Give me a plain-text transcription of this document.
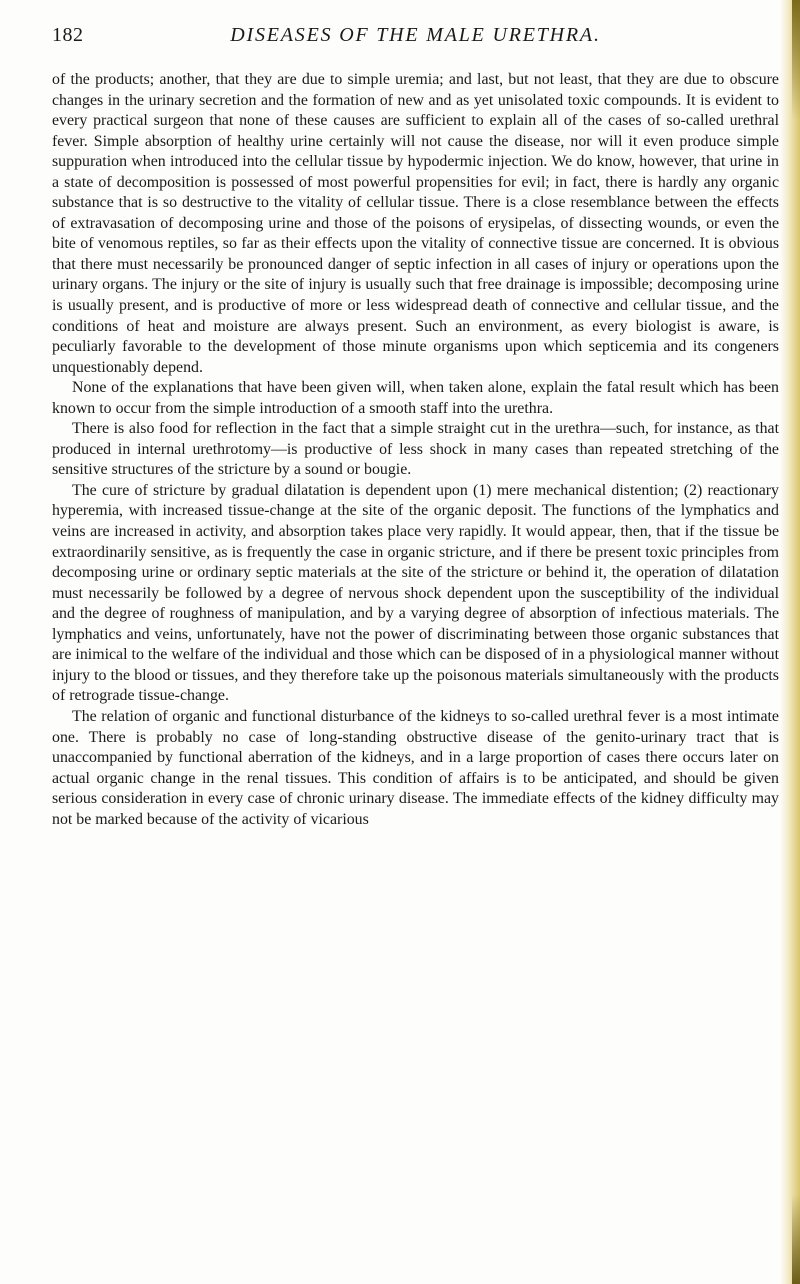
182	DISEASES OF THE MALE URETHRA.

of the products; another, that they are due to simple uremia; and last, but not least, that they are due to obscure changes in the urinary secretion and the formation of new and as yet unisolated toxic compounds. It is evident to every practical surgeon that none of these causes are sufficient to explain all of the cases of so-called urethral fever. Simple absorption of healthy urine certainly will not cause the disease, nor will it even produce simple suppuration when introduced into the cellular tissue by hypodermic injection. We do know, however, that urine in a state of decomposition is possessed of most powerful propensities for evil; in fact, there is hardly any organic substance that is so destructive to the vitality of cellular tissue. There is a close resemblance between the effects of extravasation of decomposing urine and those of the poisons of erysipelas, of dissecting wounds, or even the bite of venomous reptiles, so far as their effects upon the vitality of connective tissue are concerned. It is obvious that there must necessarily be pronounced danger of septic infection in all cases of injury or operations upon the urinary organs. The injury or the site of injury is usually such that free drainage is impossible; decomposing urine is usually present, and is productive of more or less widespread death of connective and cellular tissue, and the conditions of heat and moisture are always present. Such an environment, as every biologist is aware, is peculiarly favorable to the development of those minute organisms upon which septicemia and its congeners unquestionably depend.

None of the explanations that have been given will, when taken alone, explain the fatal result which has been known to occur from the simple introduction of a smooth staff into the urethra.

There is also food for reflection in the fact that a simple straight cut in the urethra—such, for instance, as that produced in internal urethrotomy—is productive of less shock in many cases than repeated stretching of the sensitive structures of the stricture by a sound or bougie.

The cure of stricture by gradual dilatation is dependent upon (1) mere mechanical distention; (2) reactionary hyperemia, with increased tissue-change at the site of the organic deposit. The functions of the lymphatics and veins are increased in activity, and absorption takes place very rapidly. It would appear, then, that if the tissue be extraordinarily sensitive, as is frequently the case in organic stricture, and if there be present toxic principles from decomposing urine or ordinary septic materials at the site of the stricture or behind it, the operation of dilatation must necessarily be followed by a degree of nervous shock dependent upon the susceptibility of the individual and the degree of roughness of manipulation, and by a varying degree of absorption of infectious materials. The lymphatics and veins, unfortunately, have not the power of discriminating between those organic substances that are inimical to the welfare of the individual and those which can be disposed of in a physiological manner without injury to the blood or tissues, and they therefore take up the poisonous materials simultaneously with the products of retrograde tissue-change.

The relation of organic and functional disturbance of the kidneys to so-called urethral fever is a most intimate one. There is probably no case of long-standing obstructive disease of the genito-urinary tract that is unaccompanied by functional aberration of the kidneys, and in a large proportion of cases there occurs later on actual organic change in the renal tissues. This condition of affairs is to be anticipated, and should be given serious consideration in every case of chronic urinary disease. The immediate effects of the kidney difficulty may not be marked because of the activity of vicarious
